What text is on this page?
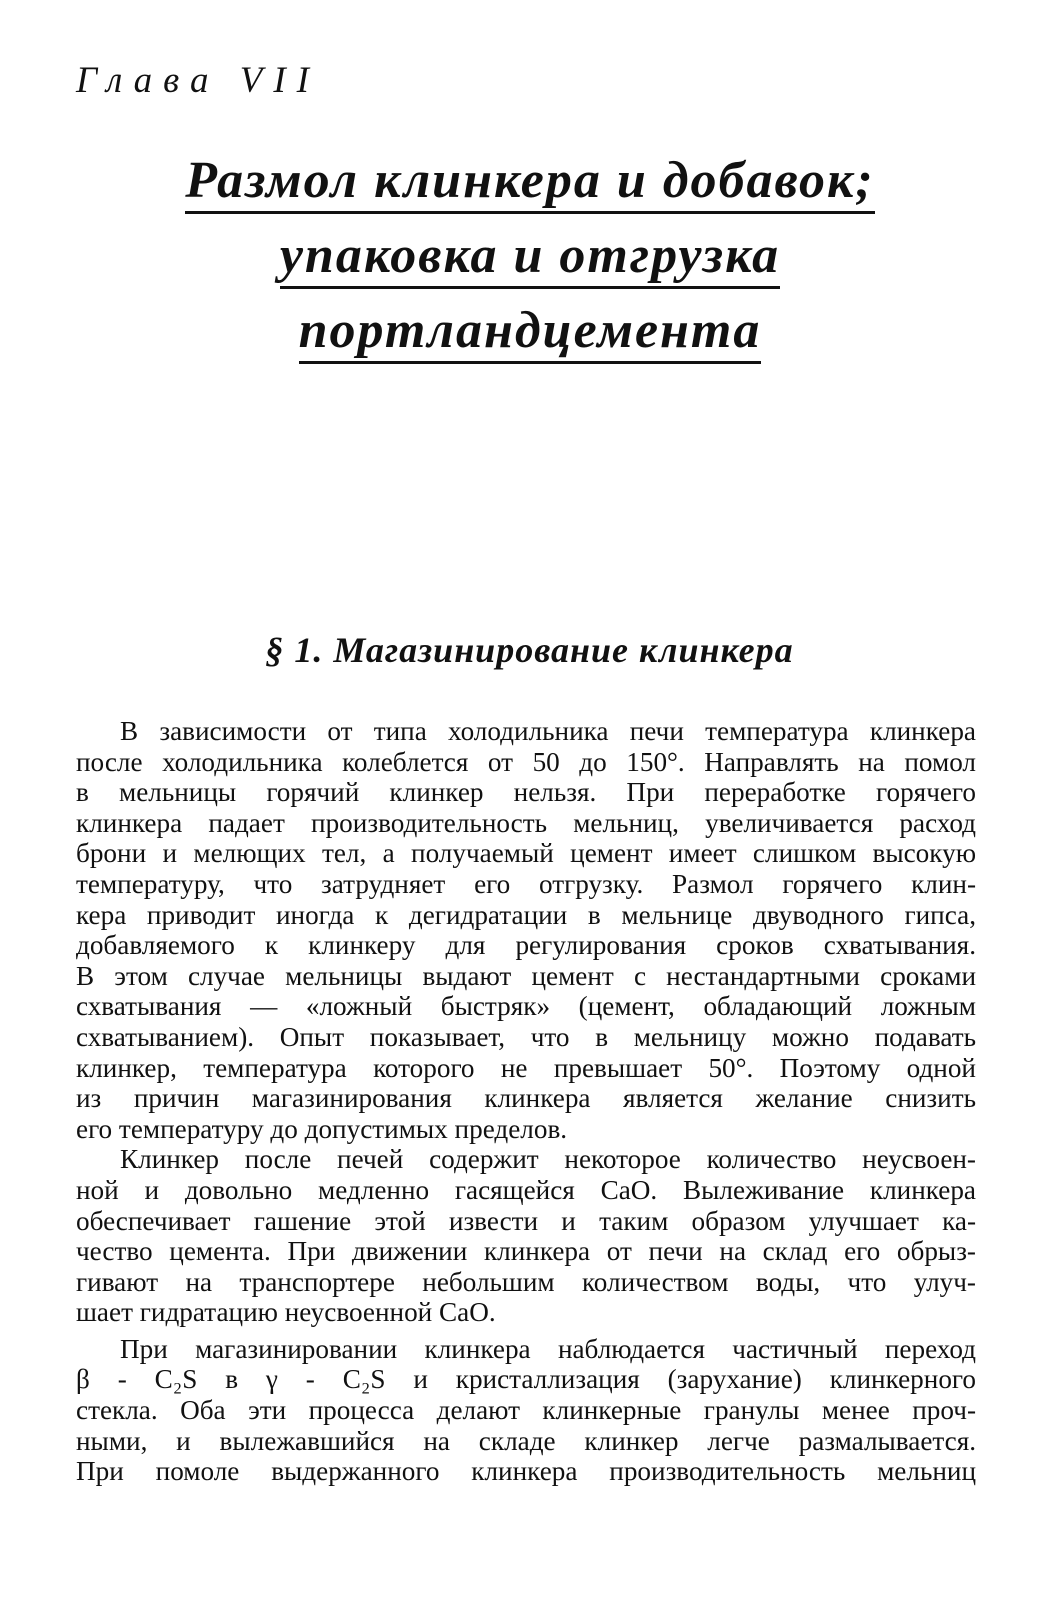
Глава VII
Размол клинкера и добавок;
упаковка и отгрузка
портландцемента
§ 1. Магазинирование клинкера
В зависимости от типа холодильника печи температура клинкера
после холодильника колеблется от 50 до 150°. Направлять на помол
в мельницы горячий клинкер нельзя. При переработке горячего
клинкера падает производительность мельниц, увеличивается расход
брони и мелющих тел, а получаемый цемент имеет слишком высокую
температуру, что затрудняет его отгрузку. Размол горячего клин-
кера приводит иногда к дегидратации в мельнице двуводного гипса,
добавляемого к клинкеру для регулирования сроков схватывания.
В этом случае мельницы выдают цемент с нестандартными сроками
схватывания — «ложный быстряк» (цемент, обладающий ложным
схватыванием). Опыт показывает, что в мельницу можно подавать
клинкер, температура которого не превышает 50°. Поэтому одной
из причин магазинирования клинкера является желание снизить
его температуру до допустимых пределов.
Клинкер после печей содержит некоторое количество неусвоен-
ной и довольно медленно гасящейся CaO. Вылеживание клинкера
обеспечивает гашение этой извести и таким образом улучшает ка-
чество цемента. При движении клинкера от печи на склад его обрыз-
гивают на транспортере небольшим количеством воды, что улуч-
шает гидратацию неусвоенной CaO.
При магазинировании клинкера наблюдается частичный переход
β - C₂S в γ - C₂S и кристаллизация (зарухание) клинкерного
стекла. Оба эти процесса делают клинкерные гранулы менее проч-
ными, и вылежавшийся на складе клинкер легче размалывается.
При помоле выдержанного клинкера производительность мельниц
